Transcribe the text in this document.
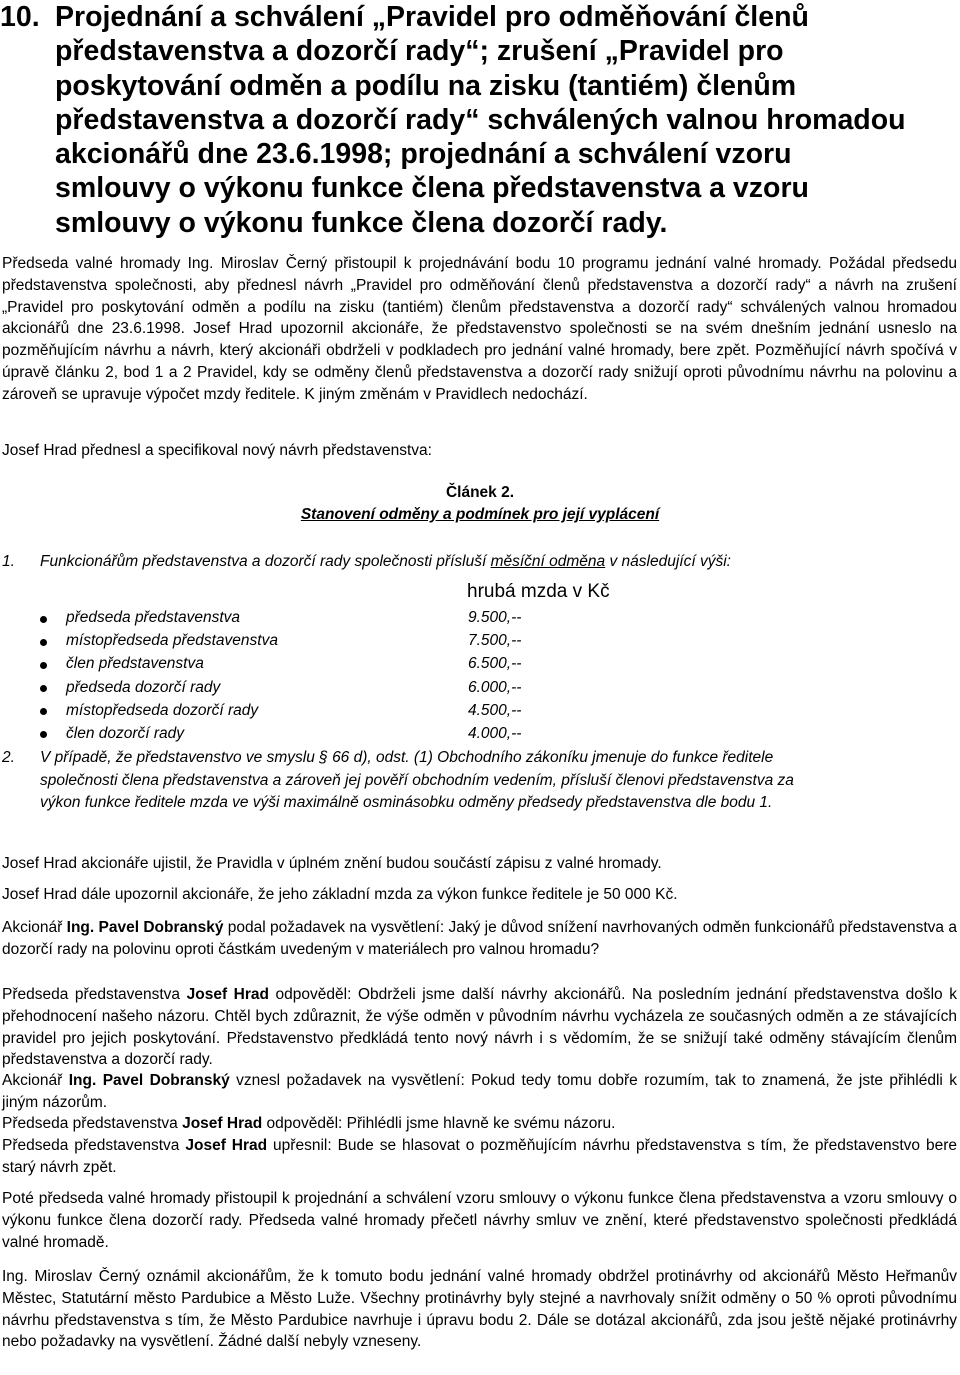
10. Projednání a schválení „Pravidel pro odměňování členů
představenstva a dozorčí rady“; zrušení „Pravidel pro
poskytování odměn a podílu na zisku (tantiém) členům
představenstva a dozorčí rady“ schválených valnou hromadou
akcionářů dne 23.6.1998; projednání a schválení vzoru
smlouvy o výkonu funkce člena představenstva a vzoru
smlouvy o výkonu funkce člena dozorčí rady.

Předseda valné hromady Ing. Miroslav Černý přistoupil k projednávání bodu 10 programu jednání valné hromady. Požádal předsedu představenstva společnosti, aby přednesl návrh „Pravidel pro odměňování členů představenstva a dozorčí rady“ a návrh na zrušení „Pravidel pro poskytování odměn a podílu na zisku (tantiém) členům představenstva a dozorčí rady“ schválených valnou hromadou akcionářů dne 23.6.1998. Josef Hrad upozornil akcionáře, že představenstvo společnosti se na svém dnešním jednání usneslo na pozměňujícím návrhu a návrh, který akcionáři obdrželi v podkladech pro jednání valné hromady, bere zpět. Pozměňující návrh spočívá v úpravě článku 2, bod 1 a 2 Pravidel, kdy se odměny členů představenstva a dozorčí rady snižují oproti původnímu návrhu na polovinu a zároveň se upravuje výpočet mzdy ředitele. K jiným změnám v Pravidlech nedochází.

Josef Hrad přednesl a specifikoval nový návrh představenstva:

Článek 2.
Stanovení odměny a podmínek pro její vyplácení
1.	Funkcionářům představenstva a dozorčí rady společnosti přísluší měsíční odměna v následující výši:
hrubá mzda v Kč
předseda představenstva	9.500,--
místopředseda představenstva	7.500,--
člen představenstva	6.500,--
předseda dozorčí rady	6.000,--
místopředseda dozorčí rady	4.500,--
člen dozorčí rady	4.000,--
2.	V případě, že představenstvo ve smyslu § 66 d), odst. (1) Obchodního zákoníku jmenuje do funkce ředitele
společnosti člena představenstva a zároveň jej pověří obchodním vedením, přísluší členovi představenstva za
výkon funkce ředitele mzda ve výši maximálně osminásobku odměny předsedy představenstva dle bodu 1.

Josef Hrad akcionáře ujistil, že Pravidla v úplném znění budou součástí zápisu z valné hromady.

Josef Hrad dále upozornil akcionáře, že jeho základní mzda za výkon funkce ředitele je 50 000 Kč.

Akcionář Ing. Pavel Dobranský podal požadavek na vysvětlení: Jaký je důvod snížení navrhovaných odměn funkcionářů představenstva a dozorčí rady na polovinu oproti částkám uvedeným v materiálech pro valnou hromadu?

Předseda představenstva Josef Hrad odpověděl: Obdrželi jsme další návrhy akcionářů. Na posledním jednání představenstva došlo k přehodnocení našeho názoru. Chtěl bych zdůraznit, že výše odměn v původním návrhu vycházela ze současných odměn a ze stávajících pravidel pro jejich poskytování. Představenstvo předkládá tento nový návrh i s vědomím, že se snižují také odměny stávajícím členům představenstva a dozorčí rady.

Akcionář Ing. Pavel Dobranský vznesl požadavek na vysvětlení: Pokud tedy tomu dobře rozumím, tak to znamená, že jste přihlédli k jiným názorům.

Předseda představenstva Josef Hrad odpověděl: Přihlédli jsme hlavně ke svému názoru.

Předseda představenstva Josef Hrad upřesnil: Bude se hlasovat o pozměňujícím návrhu představenstva s tím, že představenstvo bere starý návrh zpět.

Poté předseda valné hromady přistoupil k projednání a schválení vzoru smlouvy o výkonu funkce člena představenstva a vzoru smlouvy o výkonu funkce člena dozorčí rady. Předseda valné hromady přečetl návrhy smluv ve znění, které představenstvo společnosti předkládá valné hromadě.

Ing. Miroslav Černý oznámil akcionářům, že k tomuto bodu jednání valné hromady obdržel protinávrhy od akcionářů Město Heřmanův Městec, Statutární město Pardubice a Město Luže. Všechny protinávrhy byly stejné a navrhovaly snížit odměny o 50 % oproti původnímu návrhu představenstva s tím, že Město Pardubice navrhuje i úpravu bodu 2. Dále se dotázal akcionářů, zda jsou ještě nějaké protinávrhy nebo požadavky na vysvětlení. Žádné další nebyly vzneseny.
